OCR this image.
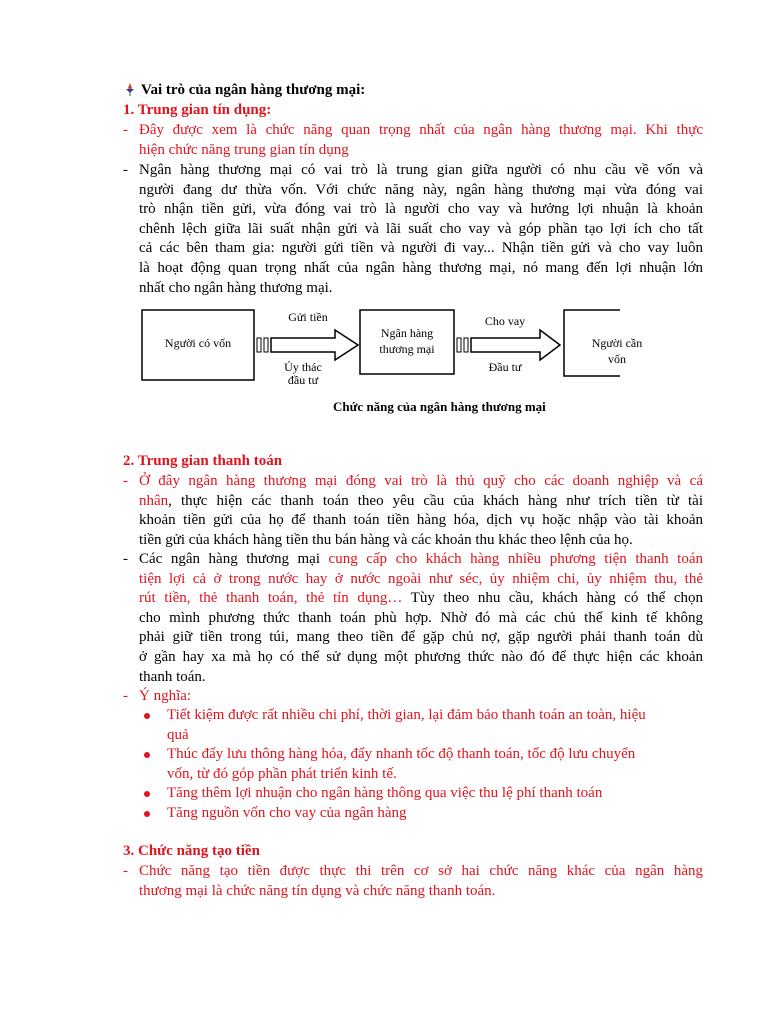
Vai trò của ngân hàng thương mại:
1. Trung gian tín dụng:
- Đây được xem là chức năng quan trọng nhất của ngân hàng thương mại. Khi thực
hiện chức năng trung gian tín dụng
- Ngân hàng thương mại có vai trò là trung gian giữa người có nhu cầu về vốn và
người đang dư thừa vốn. Với chức năng này, ngân hàng thương mại vừa đóng vai
trò nhận tiền gửi, vừa đóng vai trò là người cho vay và hưởng lợi nhuận là khoản
chênh lệch giữa lãi suất nhận gửi và lãi suất cho vay và góp phần tạo lợi ích cho tất
cả các bên tham gia: người gửi tiền và người đi vay... Nhận tiền gửi và cho vay luôn
là hoạt động quan trọng nhất của ngân hàng thương mại, nó mang đến lợi nhuận lớn
nhất cho ngân hàng thương mại.
2. Trung gian thanh toán
- Ở đây ngân hàng thương mại đóng vai trò là thủ quỹ cho các doanh nghiệp và cá
nhân, thực hiện các thanh toán theo yêu cầu của khách hàng như trích tiền từ tài
khoản tiền gửi của họ để thanh toán tiền hàng hóa, dịch vụ hoặc nhập vào tài khoản
tiền gửi của khách hàng tiền thu bán hàng và các khoản thu khác theo lệnh của họ.
- Các ngân hàng thương mại cung cấp cho khách hàng nhiều phương tiện thanh toán
tiện lợi cả ở trong nước hay ở nước ngoài như séc, ủy nhiệm chi, ủy nhiệm thu, thẻ
rút tiền, thẻ thanh toán, thẻ tín dụng… Tùy theo nhu cầu, khách hàng có thể chọn
cho mình phương thức thanh toán phù hợp. Nhờ đó mà các chủ thể kinh tế không
phải giữ tiền trong túi, mang theo tiền để gặp chủ nợ, gặp người phải thanh toán dù
ở gần hay xa mà họ có thể sử dụng một phương thức nào đó để thực hiện các khoản
thanh toán.
- Ý nghĩa:
Tiết kiệm được rất nhiều chi phí, thời gian, lại đảm bảo thanh toán an toàn, hiệu
quả
Thúc đẩy lưu thông hàng hóa, đẩy nhanh tốc độ thanh toán, tốc độ lưu chuyển
vốn, từ đó góp phần phát triển kinh tế.
Tăng thêm lợi nhuận cho ngân hàng thông qua việc thu lệ phí thanh toán
Tăng nguồn vốn cho vay của ngân hàng
3. Chức năng tạo tiền
- Chức năng tạo tiền được thực thi trên cơ sở hai chức năng khác của ngân hàng
thương mại là chức năng tín dụng và chức năng thanh toán.
Người có vốn
Ngân hàng
thương mại	Người cần
vốn
Gửi tiền
Ủy thác
đầu tư
Cho vay
Đầu tư
Chức năng của ngân hàng thương mại
